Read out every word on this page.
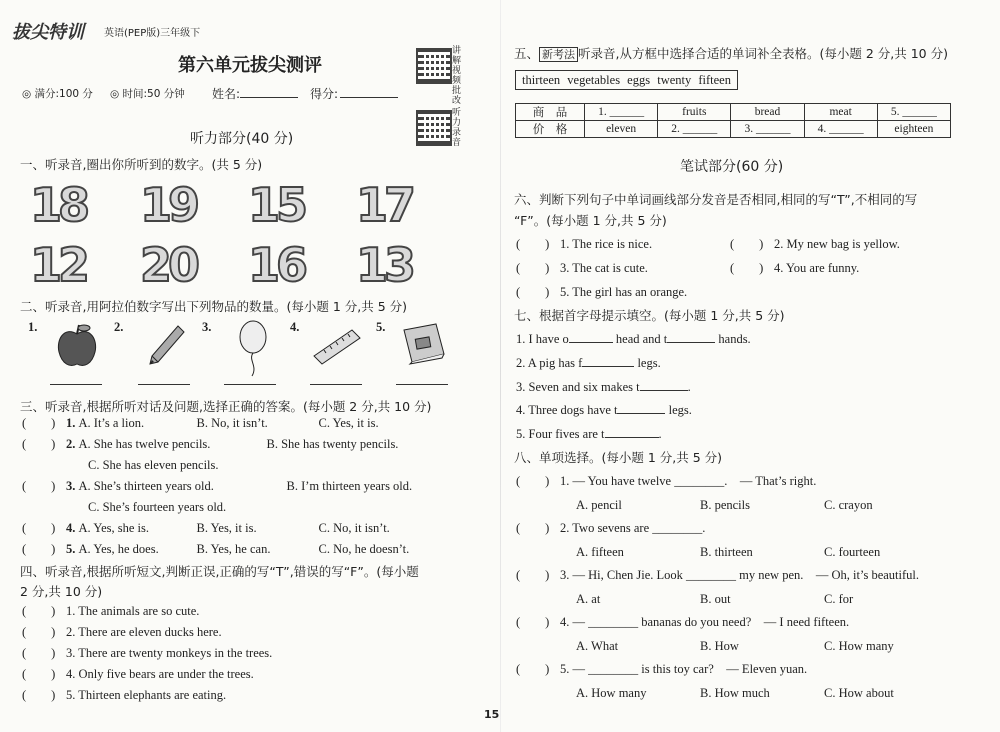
拔尖特训 英语(PEP版)三年级下
第六单元拔尖测评
讲解视频批改
听力录音
◎ 满分:100 分 ◎ 时间:50 分钟 姓名:	得分:
听力部分(40 分)
一、听录音,圈出你所听到的数字。(共 5 分)
18 19 15 17
12 20 16 13
二、听录音,用阿拉伯数字写出下列物品的数量。(每小题 1 分,共 5 分)
1.	2.	3.	4.	5.
三、听录音,根据所听对话及问题,选择正确的答案。(每小题 2 分,共 10 分)
(　　) 1. A. It’s a lion.	B. No, it isn’t.	C. Yes, it is.
(　　) 2. A. She has twelve pencils.	B. She has twenty pencils.
C. She has eleven pencils.
(　　) 3. A. She’s thirteen years old.	B. I’m thirteen years old.
C. She’s fourteen years old.
(　　) 4. A. Yes, she is.	B. Yes, it is.	C. No, it isn’t.
(　　) 5. A. Yes, he does.	B. Yes, he can.	C. No, he doesn’t.
四、听录音,根据所听短文,判断正误,正确的写“T”,错误的写“F”。(每小题
2 分,共 10 分)
(　　) 1. The animals are so cute.
(　　) 2. There are eleven ducks here.
(　　) 3. There are twenty monkeys in the trees.
(　　) 4. Only five bears are under the trees.
(　　) 5. Thirteen elephants are eating.
五、 新考法 听录音,从方框中选择合适的单词补全表格。(每小题 2 分,共 10 分)
thirteen vegetables eggs twenty fifteen
商　品	1. ______	fruits	bread	meat	5. ______
价　格	eleven	2. ______	3. ______	4. ______	eighteen
笔试部分(60 分)
六、判断下列句子中单词画线部分发音是否相同,相同的写“T”,不相同的写
“F”。(每小题 1 分,共 5 分)
(　　) 1. The rice is nice.	(　　) 2. My new bag is yellow.
(　　) 3. The cat is cute.	(　　) 4. You are funny.
(　　) 5. The girl has an orange.
七、根据首字母提示填空。(每小题 1 分,共 5 分)
1. I have o	head and t	hands.
2. A pig has f	legs.
3. Seven and six makes t	.
4. Three dogs have t	legs.
5. Four fives are t	.
八、单项选择。(每小题 1 分,共 5 分)
(　　) 1. — You have twelve ________.　— That’s right.
A. pencil	B. pencils	C. crayon
(　　) 2. Two sevens are ________.
A. fifteen	B. thirteen	C. fourteen
(　　) 3. — Hi, Chen Jie. Look ________ my new pen.　— Oh, it’s beautiful.
A. at	B. out	C. for
(　　) 4. — ________ bananas do you need?　— I need fifteen.
A. What	B. How	C. How many
(　　) 5. — ________ is this toy car?　— Eleven yuan.
A. How many	B. How much	C. How about
15
